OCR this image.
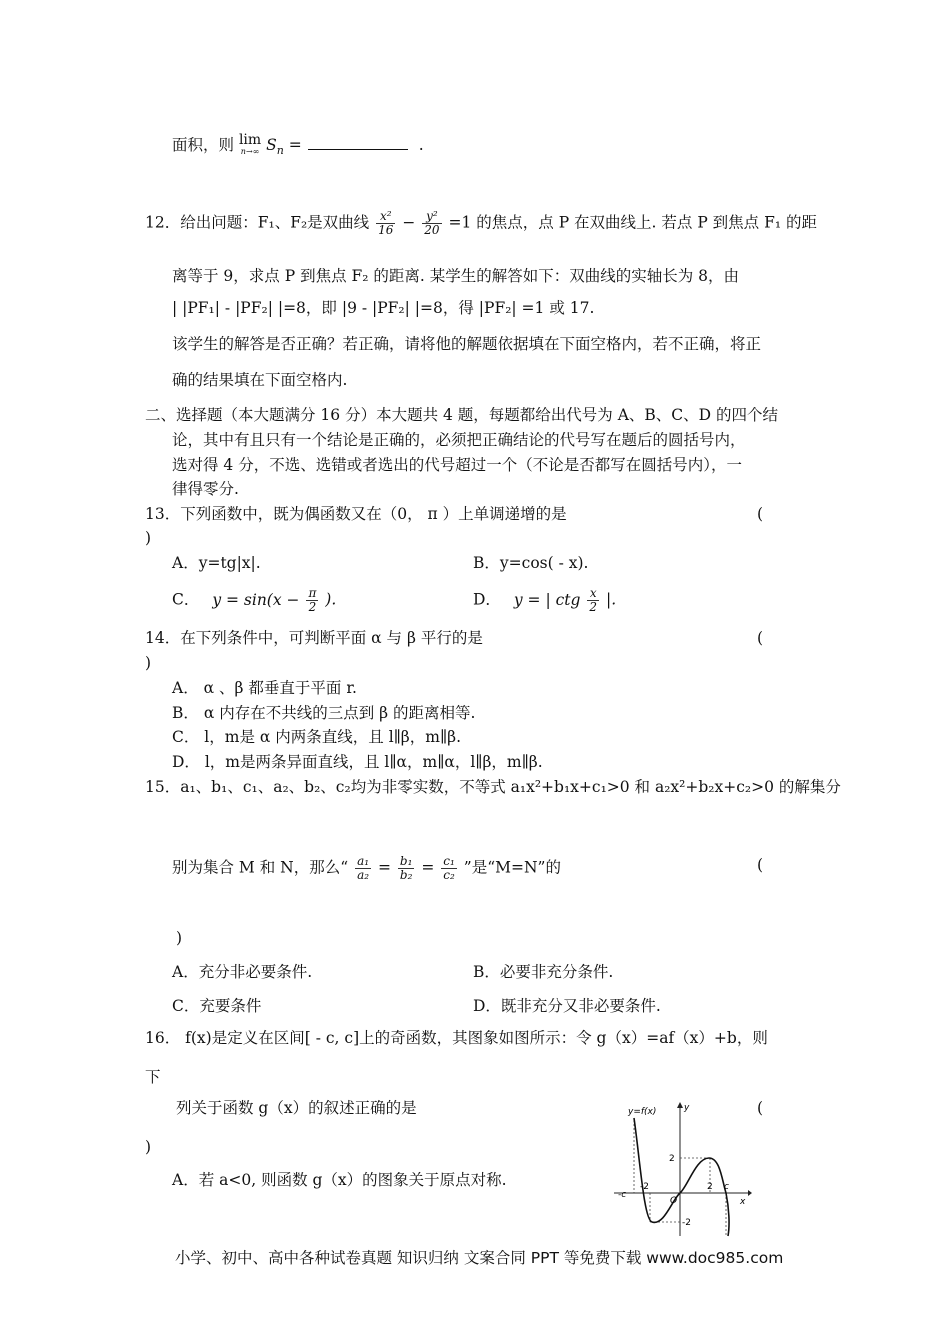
面积，则 lim
n→∞ $S_n$ =	.
12．给出问题：F₁、F₂是双曲线 $\frac{\text{x²}}{16} - \frac{\text{y²}}{20} =1$ 的焦点，点 P 在双曲线上. 若点 P 到焦点 F₁ 的距
离等于 9，求点 P 到焦点 F₂ 的距离. 某学生的解答如下：双曲线的实轴长为 8，由
| |PF₁| - |PF₂| |=8，即 |9 - |PF₂| |=8，得 |PF₂| =1 或 17.
该学生的解答是否正确？若正确，请将他的解题依据填在下面空格内，若不正确，将正
确的结果填在下面空格内.
二、选择题（本大题满分 16 分）本大题共 4 题，每题都给出代号为 A、B、C、D 的四个结
论，其中有且只有一个结论是正确的，必须把正确结论的代号写在题后的圆括号内，
选对得 4 分，不选、选错或者选出的代号超过一个（不论是否都写在圆括号内），一
律得零分.
13．下列函数中，既为偶函数又在（0， π ）上单调递增的是	(
)
A．y=tg|x|.	B．y=cos( - x).
C． $y = \sin(x - \frac{\pi}{2}$ ).	D． y = | ctg $\frac{x}{2}$ |.
14．在下列条件中，可判断平面 α 与 β 平行的是	(
)
A． α 、β 都垂直于平面 r.
B． α 内存在不共线的三点到 β 的距离相等.
C． l，m是 α 内两条直线，且 l∥β，m∥β.
D． l，m是两条异面直线，且 l∥α，m∥α，l∥β，m∥β.
15．a₁、b₁、c₁、a₂、b₂、c₂均为非零实数，不等式 a₁x²+b₁x+c₁>0 和 a₂x²+b₂x+c₂>0 的解集分
别为集合 M 和 N，那么“ $\frac{\text{a₁}}{\text{a₂}} = \frac{\text{b₁}}{\text{b₂}} = \frac{\text{c₁}}{\text{c₂}}$ ”是“M=N”的	(
)
A．充分非必要条件.	B．必要非充分条件.
C．充要条件	D．既非充分又非必要条件.
16． f(x)是定义在区间[ - c, c]上的奇函数，其图象如图所示：令 g（x）=af（x）+b，则
下
列关于函数 g（x）的叙述正确的是	(
)
A．若 a<0, 则函数 g（x）的图象关于原点对称.
y=f(x)	y
x
O
2
-2
-2	2
-c
c
小学、初中、高中各种试卷真题 知识归纳 文案合同 PPT 等免费下载 www.doc985.com
